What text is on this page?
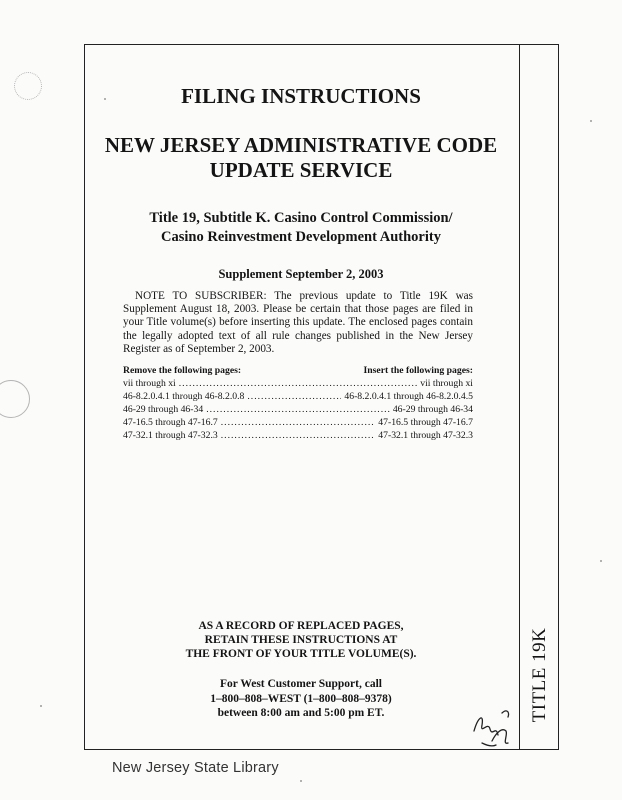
TITLE 19K
FILING INSTRUCTIONS
NEW JERSEY ADMINISTRATIVE CODE
UPDATE SERVICE
Title 19, Subtitle K. Casino Control Commission/
Casino Reinvestment Development Authority
Supplement September 2, 2003

NOTE TO SUBSCRIBER: The previous update to Title 19K was Supplement August 18, 2003. Please be certain that those pages are filed in your Title volume(s) before inserting this update. The enclosed pages contain the legally adopted text of all rule changes published in the New Jersey Register as of September 2, 2003.

Remove the following pages:	Insert the following pages:
vii through xi .....	vii through xi
46-8.2.0.4.1 through 46-8.2.0.8 .....	46-8.2.0.4.1 through 46-8.2.0.4.5
46-29 through 46-34 .....	46-29 through 46-34
47-16.5 through 47-16.7 .....	47-16.5 through 47-16.7
47-32.1 through 47-32.3 .....	47-32.1 through 47-32.3
AS A RECORD OF REPLACED PAGES,
RETAIN THESE INSTRUCTIONS AT
THE FRONT OF YOUR TITLE VOLUME(S).
For West Customer Support, call
1–800–808–WEST (1–800–808–9378)
between 8:00 am and 5:00 pm ET.
New Jersey State Library
